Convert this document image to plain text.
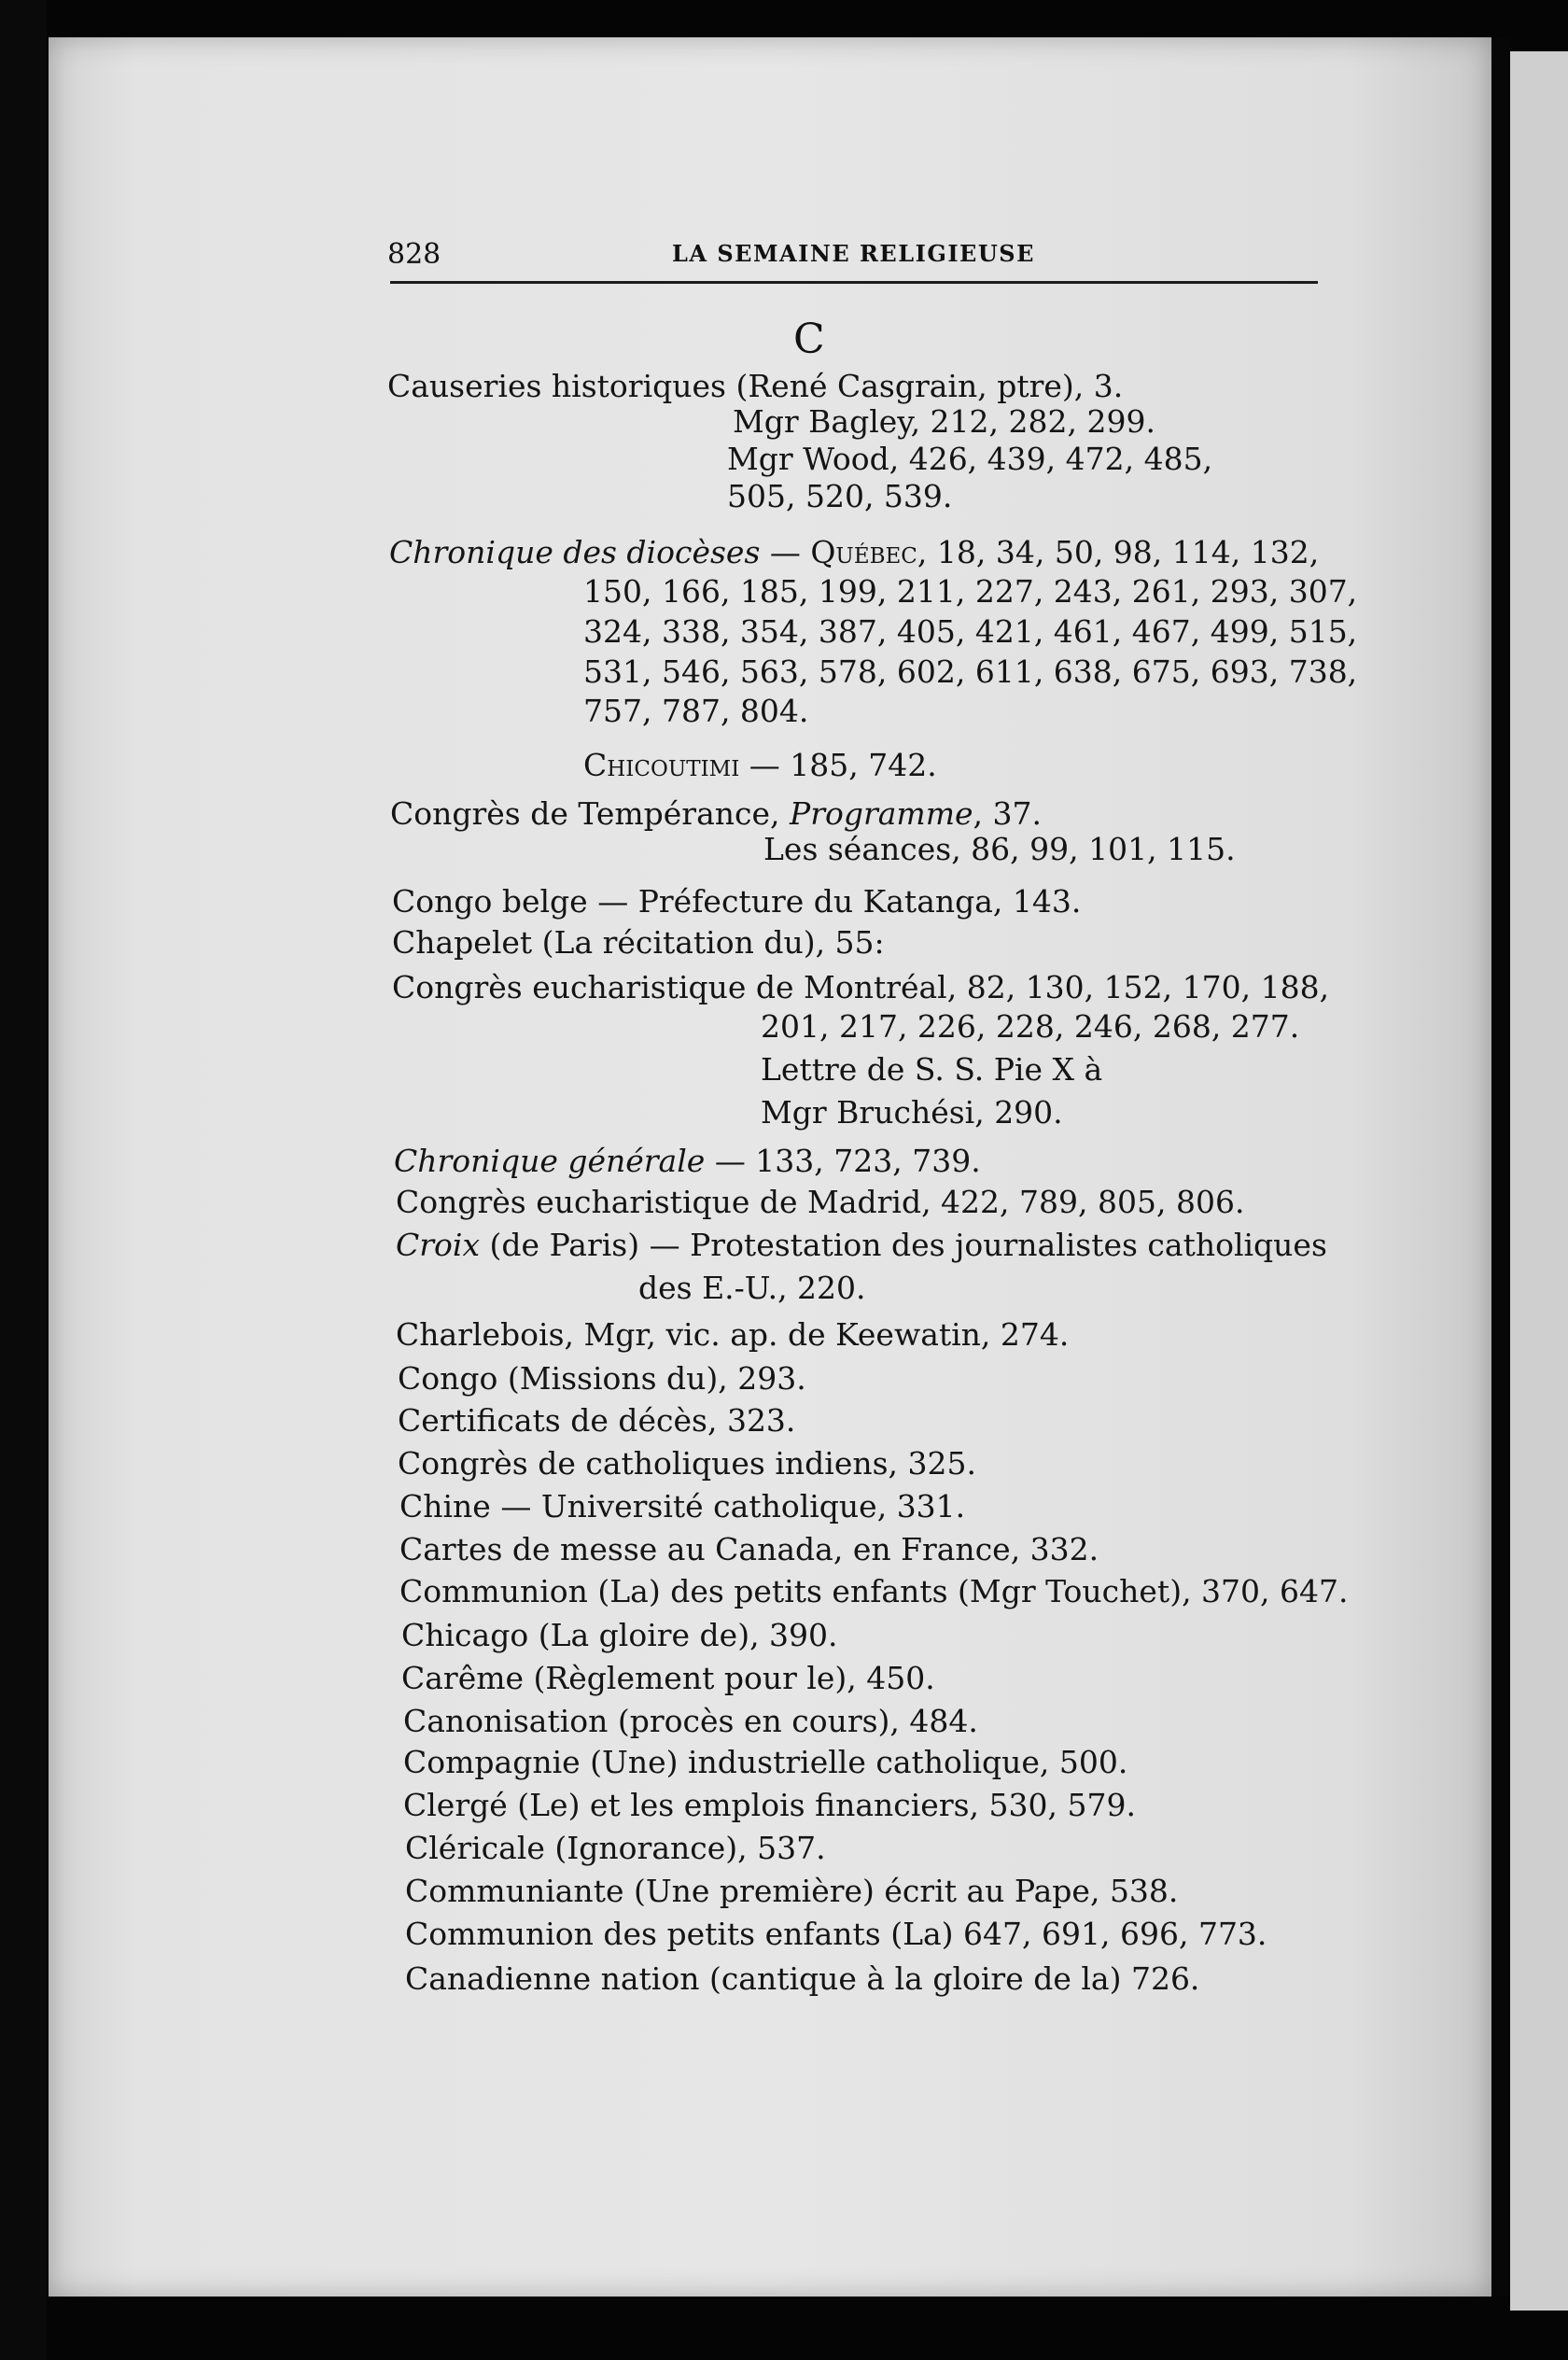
828	LA SEMAINE RELIGIEUSE
C
Causeries historiques (René Casgrain, ptre), 3.
Mgr Bagley, 212, 282, 299.
Mgr Wood, 426, 439, 472, 485,
505, 520, 539.
Chronique des diocèses — Québec, 18, 34, 50, 98, 114, 132,
150, 166, 185, 199, 211, 227, 243, 261, 293, 307,
324, 338, 354, 387, 405, 421, 461, 467, 499, 515,
531, 546, 563, 578, 602, 611, 638, 675, 693, 738,
757, 787, 804.
Chicoutimi — 185, 742.
Congrès de Tempérance, Programme, 37.
Les séances, 86, 99, 101, 115.
Congo belge — Préfecture du Katanga, 143.
Chapelet (La récitation du), 55:
Congrès eucharistique de Montréal, 82, 130, 152, 170, 188,
201, 217, 226, 228, 246, 268, 277.
Lettre de S. S. Pie X à
Mgr Bruchési, 290.
Chronique générale — 133, 723, 739.
Congrès eucharistique de Madrid, 422, 789, 805, 806.
Croix (de Paris) — Protestation des journalistes catholiques
des E.-U., 220.
Charlebois, Mgr, vic. ap. de Keewatin, 274.
Congo (Missions du), 293.
Certificats de décès, 323.
Congrès de catholiques indiens, 325.
Chine — Université catholique, 331.
Cartes de messe au Canada, en France, 332.
Communion (La) des petits enfants (Mgr Touchet), 370, 647.
Chicago (La gloire de), 390.
Carême (Règlement pour le), 450.
Canonisation (procès en cours), 484.
Compagnie (Une) industrielle catholique, 500.
Clergé (Le) et les emplois financiers, 530, 579.
Cléricale (Ignorance), 537.
Communiante (Une première) écrit au Pape, 538.
Communion des petits enfants (La) 647, 691, 696, 773.
Canadienne nation (cantique à la gloire de la) 726.
